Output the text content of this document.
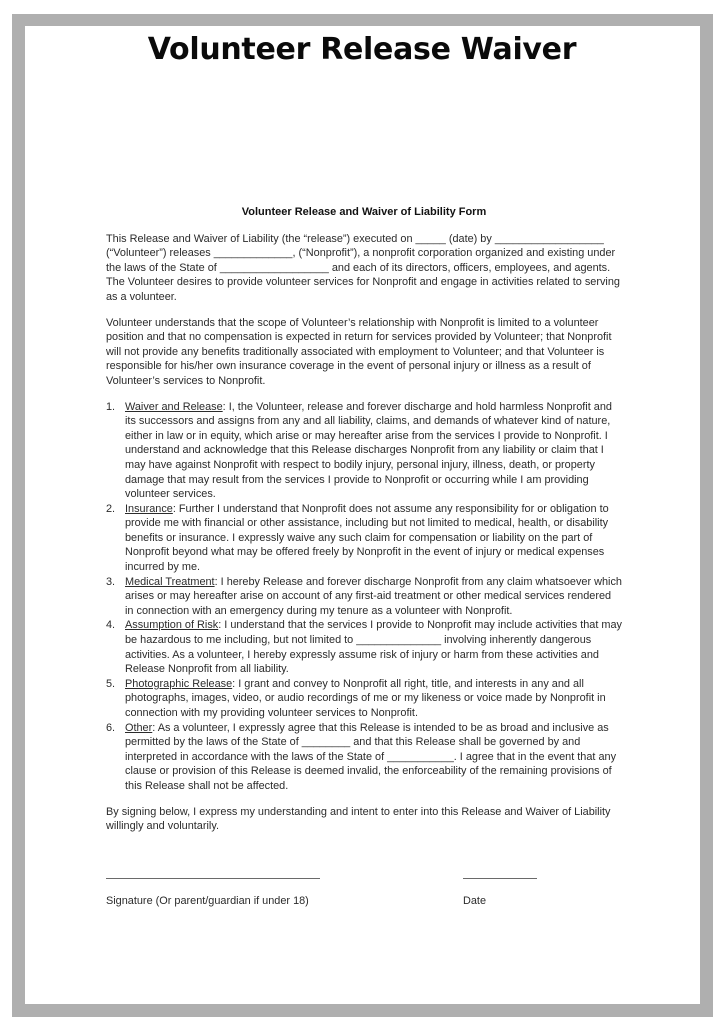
Volunteer Release Waiver
Volunteer Release and Waiver of Liability Form

This Release and Waiver of Liability (the “release”) executed on _____ (date) by __________________ (“Volunteer”) releases _____________, (“Nonprofit”), a nonprofit corporation organized and existing under the laws of the State of __________________ and each of its directors, officers, employees, and agents. The Volunteer desires to provide volunteer services for Nonprofit and engage in activities related to serving as a volunteer.

Volunteer understands that the scope of Volunteer’s relationship with Nonprofit is limited to a volunteer position and that no compensation is expected in return for services provided by Volunteer; that Nonprofit will not provide any benefits traditionally associated with employment to Volunteer; and that Volunteer is responsible for his/her own insurance coverage in the event of personal injury or illness as a result of Volunteer’s services to Nonprofit.

1. Waiver and Release: I, the Volunteer, release and forever discharge and hold harmless Nonprofit and its successors and assigns from any and all liability, claims, and demands of whatever kind of nature, either in law or in equity, which arise or may hereafter arise from the services I provide to Nonprofit. I understand and acknowledge that this Release discharges Nonprofit from any liability or claim that I may have against Nonprofit with respect to bodily injury, personal injury, illness, death, or property damage that may result from the services I provide to Nonprofit or occurring while I am providing volunteer services.
2. Insurance: Further I understand that Nonprofit does not assume any responsibility for or obligation to provide me with financial or other assistance, including but not limited to medical, health, or disability benefits or insurance. I expressly waive any such claim for compensation or liability on the part of Nonprofit beyond what may be offered freely by Nonprofit in the event of injury or medical expenses incurred by me.
3. Medical Treatment: I hereby Release and forever discharge Nonprofit from any claim whatsoever which arises or may hereafter arise on account of any first-aid treatment or other medical services rendered in connection with an emergency during my tenure as a volunteer with Nonprofit.
4. Assumption of Risk: I understand that the services I provide to Nonprofit may include activities that may be hazardous to me including, but not limited to ______________ involving inherently dangerous activities. As a volunteer, I hereby expressly assume risk of injury or harm from these activities and Release Nonprofit from all liability.
5. Photographic Release: I grant and convey to Nonprofit all right, title, and interests in any and all photographs, images, video, or audio recordings of me or my likeness or voice made by Nonprofit in connection with my providing volunteer services to Nonprofit.
6. Other: As a volunteer, I expressly agree that this Release is intended to be as broad and inclusive as permitted by the laws of the State of ________ and that this Release shall be governed by and interpreted in accordance with the laws of the State of ___________. I agree that in the event that any clause or provision of this Release is deemed invalid, the enforceability of the remaining provisions of this Release shall not be affected.

By signing below, I express my understanding and intent to enter into this Release and Waiver of Liability willingly and voluntarily.

Signature (Or parent/guardian if under 18)	Date
